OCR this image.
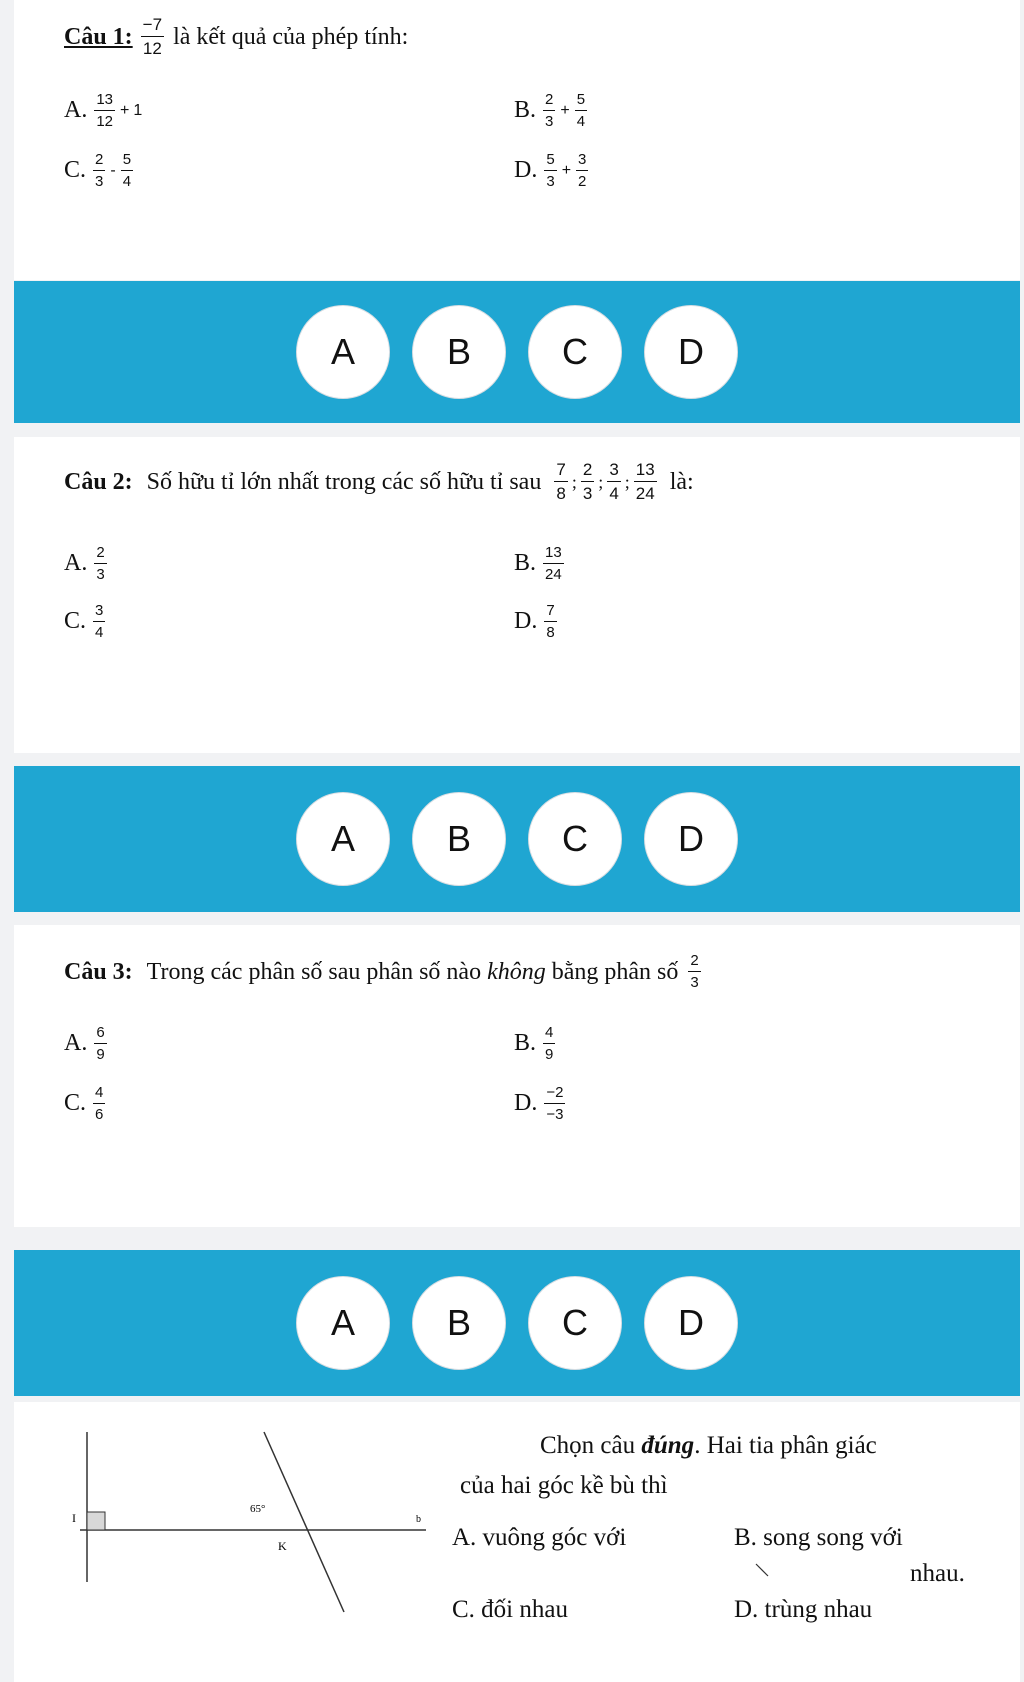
Câu 1: $\frac{-7}{12}$ là kết quả của phép tính:
A. $\frac{13}{12} + 1$	B. $\frac{2}{3} + \frac{5}{4}$
C. $\frac{2}{3} - \frac{5}{4}$	D. $\frac{5}{3} + \frac{3}{2}$
A	B	C	D
Câu 2: Số hữu tỉ lớn nhất trong các số hữu tỉ sau $\frac{7}{8}$ ; $\frac{2}{3}$ ; $\frac{3}{4}$ ; $\frac{13}{24}$ là:
A. $\frac{2}{3}$	B. $\frac{13}{24}$
C. $\frac{3}{4}$	D. $\frac{7}{8}$
A	B	C	D
Câu 3: Trong các phân số sau phân số nào không bằng phân số $\frac{2}{3}$
A. $\frac{6}{9}$	B. $\frac{4}{9}$
C. $\frac{4}{6}$	D. $\frac{-2}{-3}$
A	B	C	D
I
K
b
65°
Chọn câu đúng. Hai tia phân giác
của hai góc kề bù thì
A. vuông góc với	B. song song với
nhau.
C. đối nhau	D. trùng nhau
